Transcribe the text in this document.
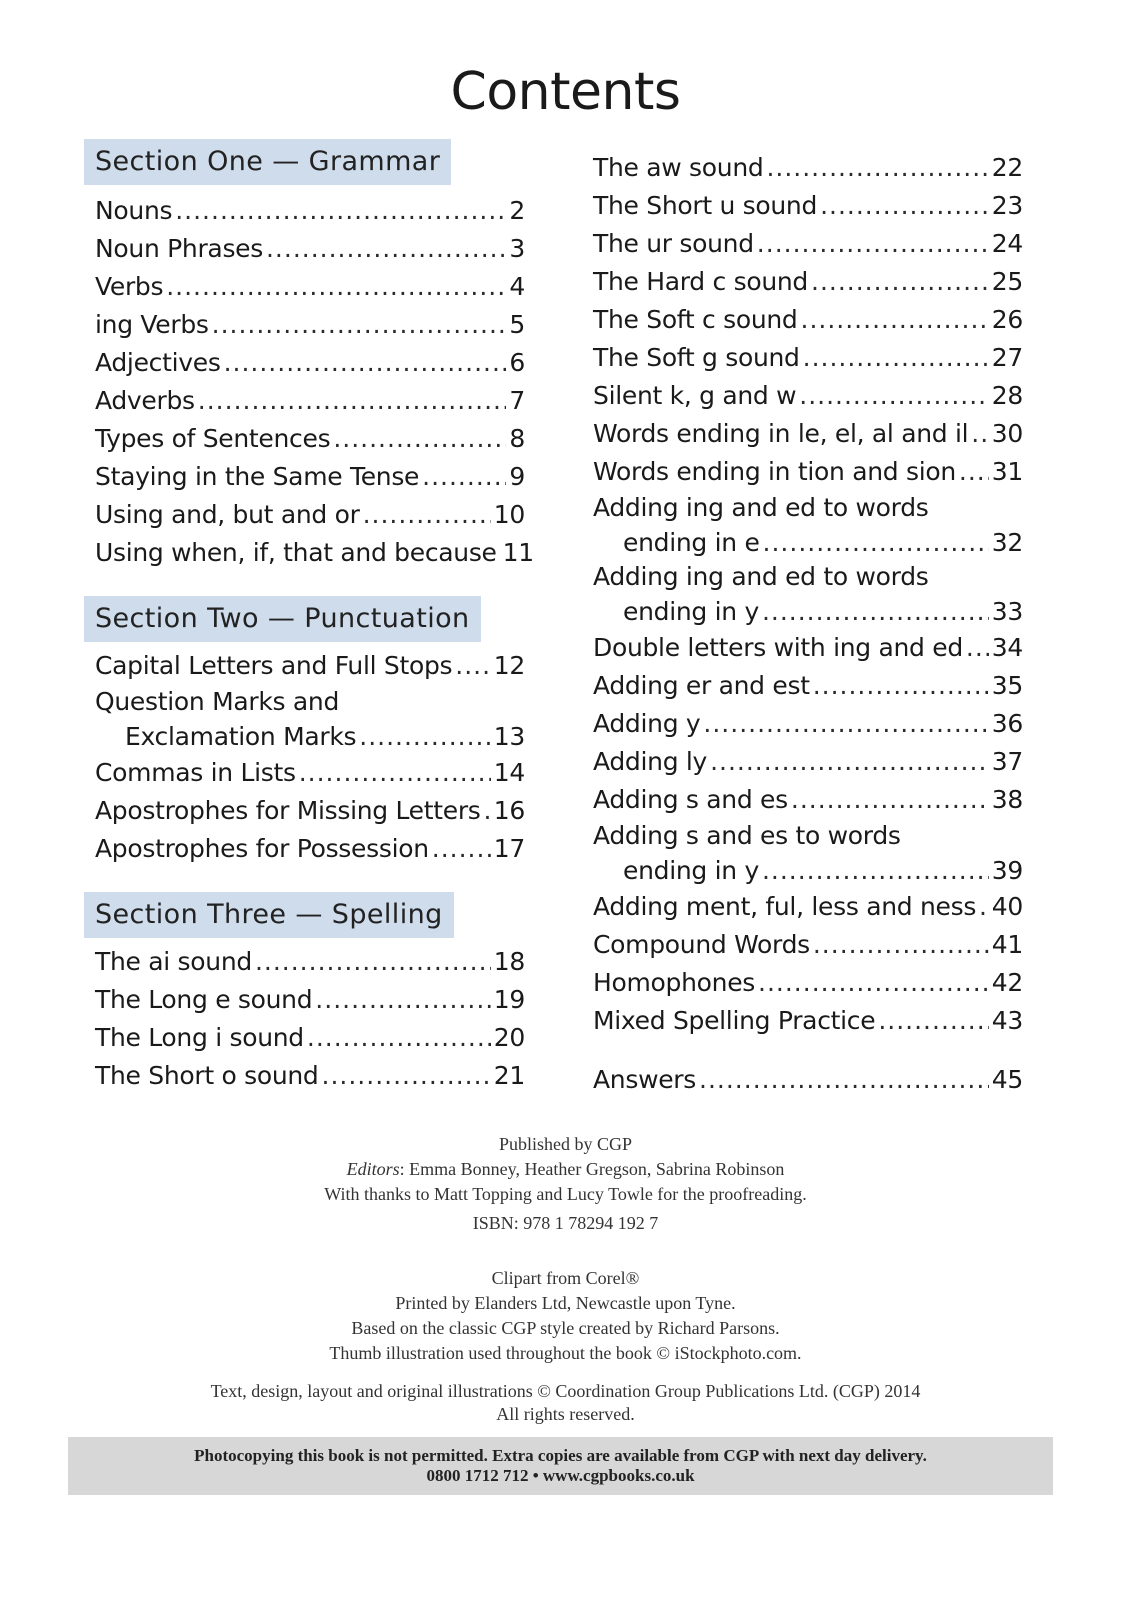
Contents
Section One — Grammar
Nouns .....	2
Noun Phrases .....	3
Verbs .....	4
ing Verbs .....	5
Adjectives .....	6
Adverbs .....	7
Types of Sentences .....	8
Staying in the Same Tense .....	9
Using and, but and or .....	10
Using when, if, that and because 11
Section Two — Punctuation
Capital Letters and Full Stops ..... 12
Question Marks and
Exclamation Marks .....	13
Commas in Lists .....	14
Apostrophes for Missing Letters ..... 16
Apostrophes for Possession .....	17
Section Three — Spelling
The ai sound .....	18
The Long e sound .....	19
The Long i sound .....	20
The Short o sound .....	21
The aw sound .....	22
The Short u sound .....	23
The ur sound .....	24
The Hard c sound .....	25
The Soft c sound .....	26
The Soft g sound .....	27
Silent k, g and w .....	28
Words ending in le, el, al and il ..... 30
Words ending in tion and sion ..... 31
Adding ing and ed to words
ending in e .....	32
Adding ing and ed to words
ending in y .....	33
Double letters with ing and ed ..... 34
Adding er and est .....	35
Adding y .....	36
Adding ly .....	37
Adding s and es .....	38
Adding s and es to words
ending in y .....	39
Adding ment, ful, less and ness ..... 40
Compound Words .....	41
Homophones .....	42
Mixed Spelling Practice .....	43
Answers .....	45
Published by CGP
Editors: Emma Bonney, Heather Gregson, Sabrina Robinson
With thanks to Matt Topping and Lucy Towle for the proofreading.
ISBN: 978 1 78294 192 7
Clipart from Corel®
Printed by Elanders Ltd, Newcastle upon Tyne.
Based on the classic CGP style created by Richard Parsons.
Thumb illustration used throughout the book © iStockphoto.com.
Text, design, layout and original illustrations © Coordination Group Publications Ltd. (CGP) 2014
All rights reserved.
Photocopying this book is not permitted. Extra copies are available from CGP with next day delivery.
0800 1712 712 • www.cgpbooks.co.uk
